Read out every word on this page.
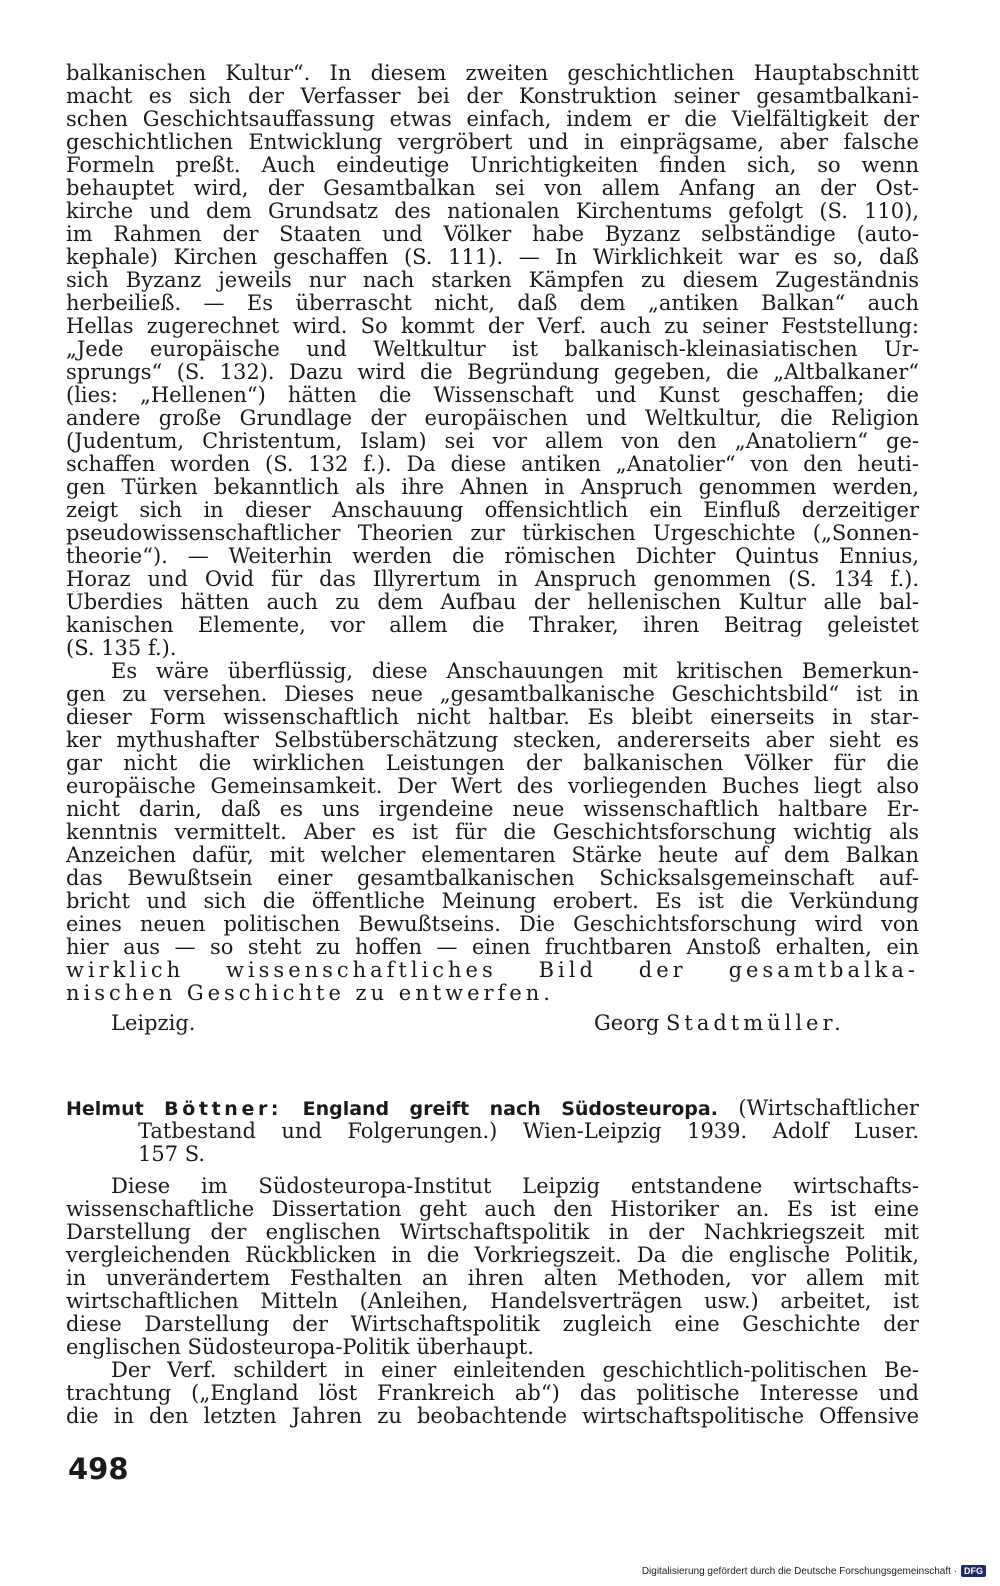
balkanischen Kultur“. In diesem zweiten geschichtlichen Hauptabschnitt
macht es sich der Verfasser bei der Konstruktion seiner gesamtbalkani-
schen Geschichtsauffassung etwas einfach, indem er die Vielfältigkeit der
geschichtlichen Entwicklung vergröbert und in einprägsame, aber falsche
Formeln preßt. Auch eindeutige Unrichtigkeiten finden sich, so wenn
behauptet wird, der Gesamtbalkan sei von allem Anfang an der Ost-
kirche und dem Grundsatz des nationalen Kirchentums gefolgt (S. 110),
im Rahmen der Staaten und Völker habe Byzanz selbständige (auto-
kephale) Kirchen geschaffen (S. 111). — In Wirklichkeit war es so, daß
sich Byzanz jeweils nur nach starken Kämpfen zu diesem Zugeständnis
herbeiließ. — Es überrascht nicht, daß dem „antiken Balkan“ auch
Hellas zugerechnet wird. So kommt der Verf. auch zu seiner Feststellung:
„Jede europäische und Weltkultur ist balkanisch-kleinasiatischen Ur-
sprungs“ (S. 132). Dazu wird die Begründung gegeben, die „Altbalkaner“
(lies: „Hellenen“) hätten die Wissenschaft und Kunst geschaffen; die
andere große Grundlage der europäischen und Weltkultur, die Religion
(Judentum, Christentum, Islam) sei vor allem von den „Anatoliern“ ge-
schaffen worden (S. 132 f.). Da diese antiken „Anatolier“ von den heuti-
gen Türken bekanntlich als ihre Ahnen in Anspruch genommen werden,
zeigt sich in dieser Anschauung offensichtlich ein Einfluß derzeitiger
pseudowissenschaftlicher Theorien zur türkischen Urgeschichte („Sonnen-
theorie“). — Weiterhin werden die römischen Dichter Quintus Ennius,
Horaz und Ovid für das Illyrertum in Anspruch genommen (S. 134 f.).
Überdies hätten auch zu dem Aufbau der hellenischen Kultur alle bal-
kanischen Elemente, vor allem die Thraker, ihren Beitrag geleistet
(S. 135 f.).
Es wäre überflüssig, diese Anschauungen mit kritischen Bemerkun-
gen zu versehen. Dieses neue „gesamtbalkanische Geschichtsbild“ ist in
dieser Form wissenschaftlich nicht haltbar. Es bleibt einerseits in star-
ker mythushafter Selbstüberschätzung stecken, andererseits aber sieht es
gar nicht die wirklichen Leistungen der balkanischen Völker für die
europäische Gemeinsamkeit. Der Wert des vorliegenden Buches liegt also
nicht darin, daß es uns irgendeine neue wissenschaftlich haltbare Er-
kenntnis vermittelt. Aber es ist für die Geschichtsforschung wichtig als
Anzeichen dafür, mit welcher elementaren Stärke heute auf dem Balkan
das Bewußtsein einer gesamtbalkanischen Schicksalsgemeinschaft auf-
bricht und sich die öffentliche Meinung erobert. Es ist die Verkündung
eines neuen politischen Bewußtseins. Die Geschichtsforschung wird von
hier aus — so steht zu hoffen — einen fruchtbaren Anstoß erhalten, ein
wirklich wissenschaftliches Bild der gesamtbalka-
nischen Geschichte zu entwerfen.
Leipzig.	Georg Stadtmüller.
Helmut Böttner: England greift nach Südosteuropa. (Wirtschaftlicher
Tatbestand und Folgerungen.) Wien-Leipzig 1939. Adolf Luser.
157 S.
Diese im Südosteuropa-Institut Leipzig entstandene wirtschafts-
wissenschaftliche Dissertation geht auch den Historiker an. Es ist eine
Darstellung der englischen Wirtschaftspolitik in der Nachkriegszeit mit
vergleichenden Rückblicken in die Vorkriegszeit. Da die englische Politik,
in unverändertem Festhalten an ihren alten Methoden, vor allem mit
wirtschaftlichen Mitteln (Anleihen, Handelsverträgen usw.) arbeitet, ist
diese Darstellung der Wirtschaftspolitik zugleich eine Geschichte der
englischen Südosteuropa-Politik überhaupt.
Der Verf. schildert in einer einleitenden geschichtlich-politischen Be-
trachtung („England löst Frankreich ab“) das politische Interesse und
die in den letzten Jahren zu beobachtende wirtschaftspolitische Offensive
498
Digitalisierung gefördert durch die Deutsche Forschungsgemeinschaft · DFG
